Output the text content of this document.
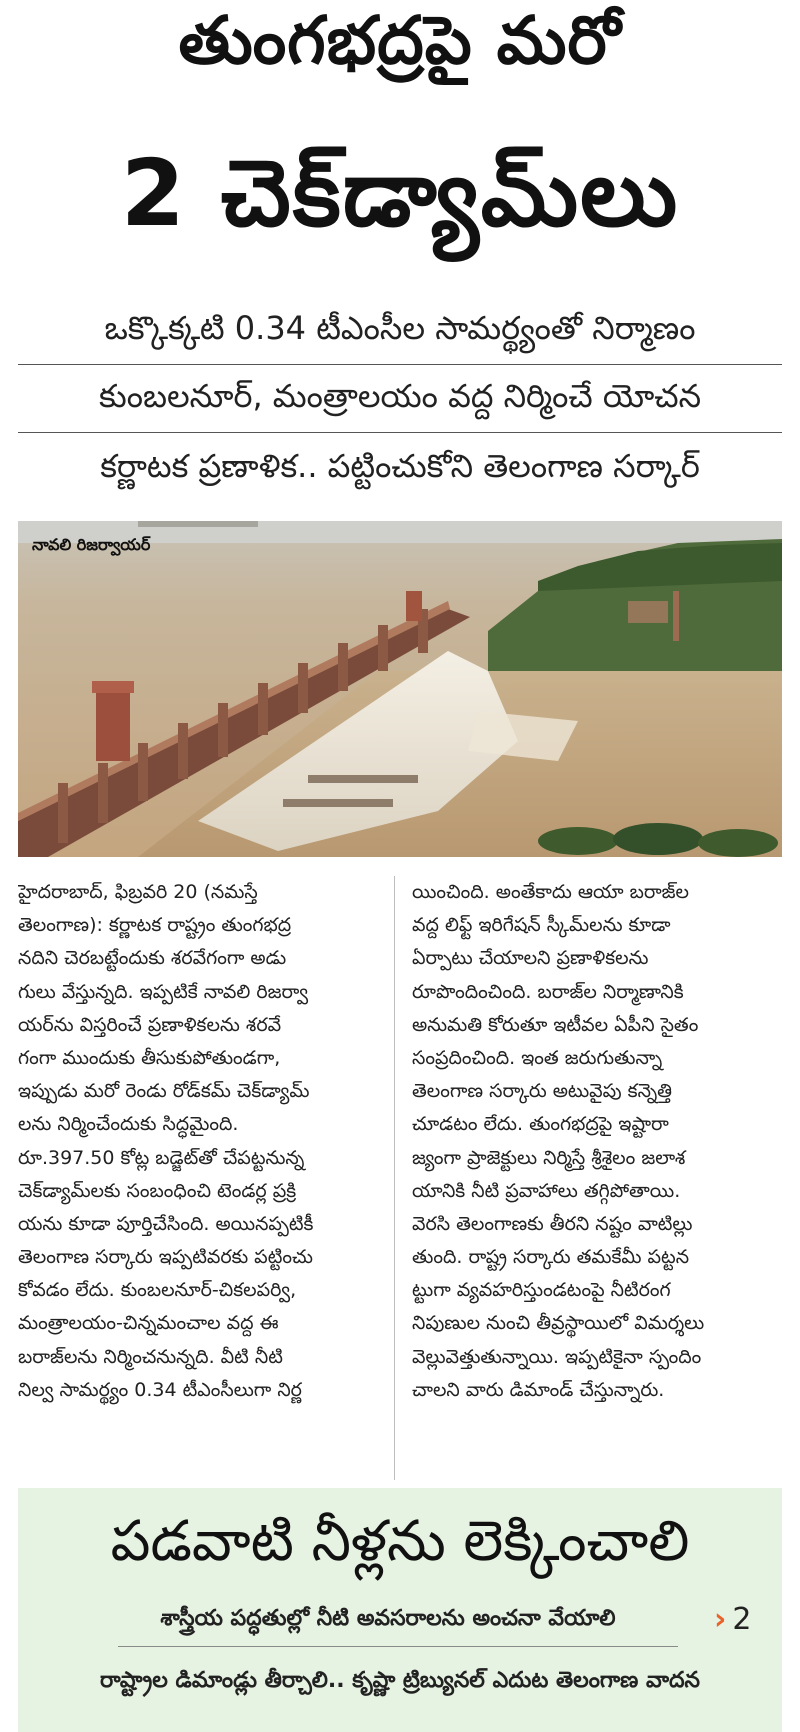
తుంగభద్రపై మరో
2 చెక్‌డ్యామ్‌లు
ఒక్కొక్కటి 0.34 టీఎంసీల సామర్థ్యంతో నిర్మాణం
కుంబలనూర్, మంత్రాలయం వద్ద నిర్మించే యోచన
కర్ణాటక ప్రణాళిక.. పట్టించుకోని తెలంగాణ సర్కార్
నావలి రిజర్వాయర్
హైదరాబాద్, ఫిబ్రవరి 20 (నమస్తే
తెలంగాణ): కర్ణాటక రాష్ట్రం తుంగభద్ర
నదిని చెరబట్టేందుకు శరవేగంగా అడు
గులు వేస్తున్నది. ఇప్పటికే నావలి రిజర్వా
యర్‌ను విస్తరించే ప్రణాళికలను శరవే
గంగా ముందుకు తీసుకుపోతుండగా,
ఇప్పుడు మరో రెండు రోడ్‌కమ్ చెక్‌డ్యామ్
లను నిర్మించేందుకు సిద్ధమైంది.
రూ.397.50 కోట్ల బడ్జెట్‌తో చేపట్టనున్న
చెక్‌డ్యామ్‌లకు సంబంధించి టెండర్ల ప్రక్రి
యను కూడా పూర్తిచేసింది. అయినప్పటికీ
తెలంగాణ సర్కారు ఇప్పటివరకు పట్టించు
కోవడం లేదు. కుంబలనూర్-చికలపర్వి,
మంత్రాలయం-చిన్నమంచాల వద్ద ఈ
బరాజ్‌లను నిర్మించనున్నది. వీటి నీటి
నిల్వ సామర్థ్యం 0.34 టీఎంసీలుగా నిర్ణ
యించింది. అంతేకాదు ఆయా బరాజ్‌ల
వద్ద లిఫ్ట్ ఇరిగేషన్ స్కీమ్‌లను కూడా
ఏర్పాటు చేయాలని ప్రణాళికలను
రూపొందించింది. బరాజ్‌ల నిర్మాణానికి
అనుమతి కోరుతూ ఇటీవల ఏపీని సైతం
సంప్రదించింది. ఇంత జరుగుతున్నా
తెలంగాణ సర్కారు అటువైపు కన్నెత్తి
చూడటం లేదు. తుంగభద్రపై ఇష్టారా
జ్యంగా ప్రాజెక్టులు నిర్మిస్తే శ్రీశైలం జలాశ
యానికి నీటి ప్రవాహాలు తగ్గిపోతాయి.
వెరసి తెలంగాణకు తీరని నష్టం వాటిల్లు
తుంది. రాష్ట్ర సర్కారు తమకేమీ పట్టన
ట్టుగా వ్యవహరిస్తుండటంపై నీటిరంగ
నిపుణుల నుంచి తీవ్రస్థాయిలో విమర్శలు
వెల్లువెత్తుతున్నాయి. ఇప్పటికైనా స్పందిం
చాలని వారు డిమాండ్ చేస్తున్నారు.
పడవాటి నీళ్లను లెక్కించాలి
శాస్త్రీయ పద్ధతుల్లో నీటి అవసరాలను అంచనా వేయాలి	› 2
రాష్ట్రాల డిమాండ్లు తీర్చాలి.. కృష్ణా ట్రిబ్యునల్ ఎదుట తెలంగాణ వాదన
